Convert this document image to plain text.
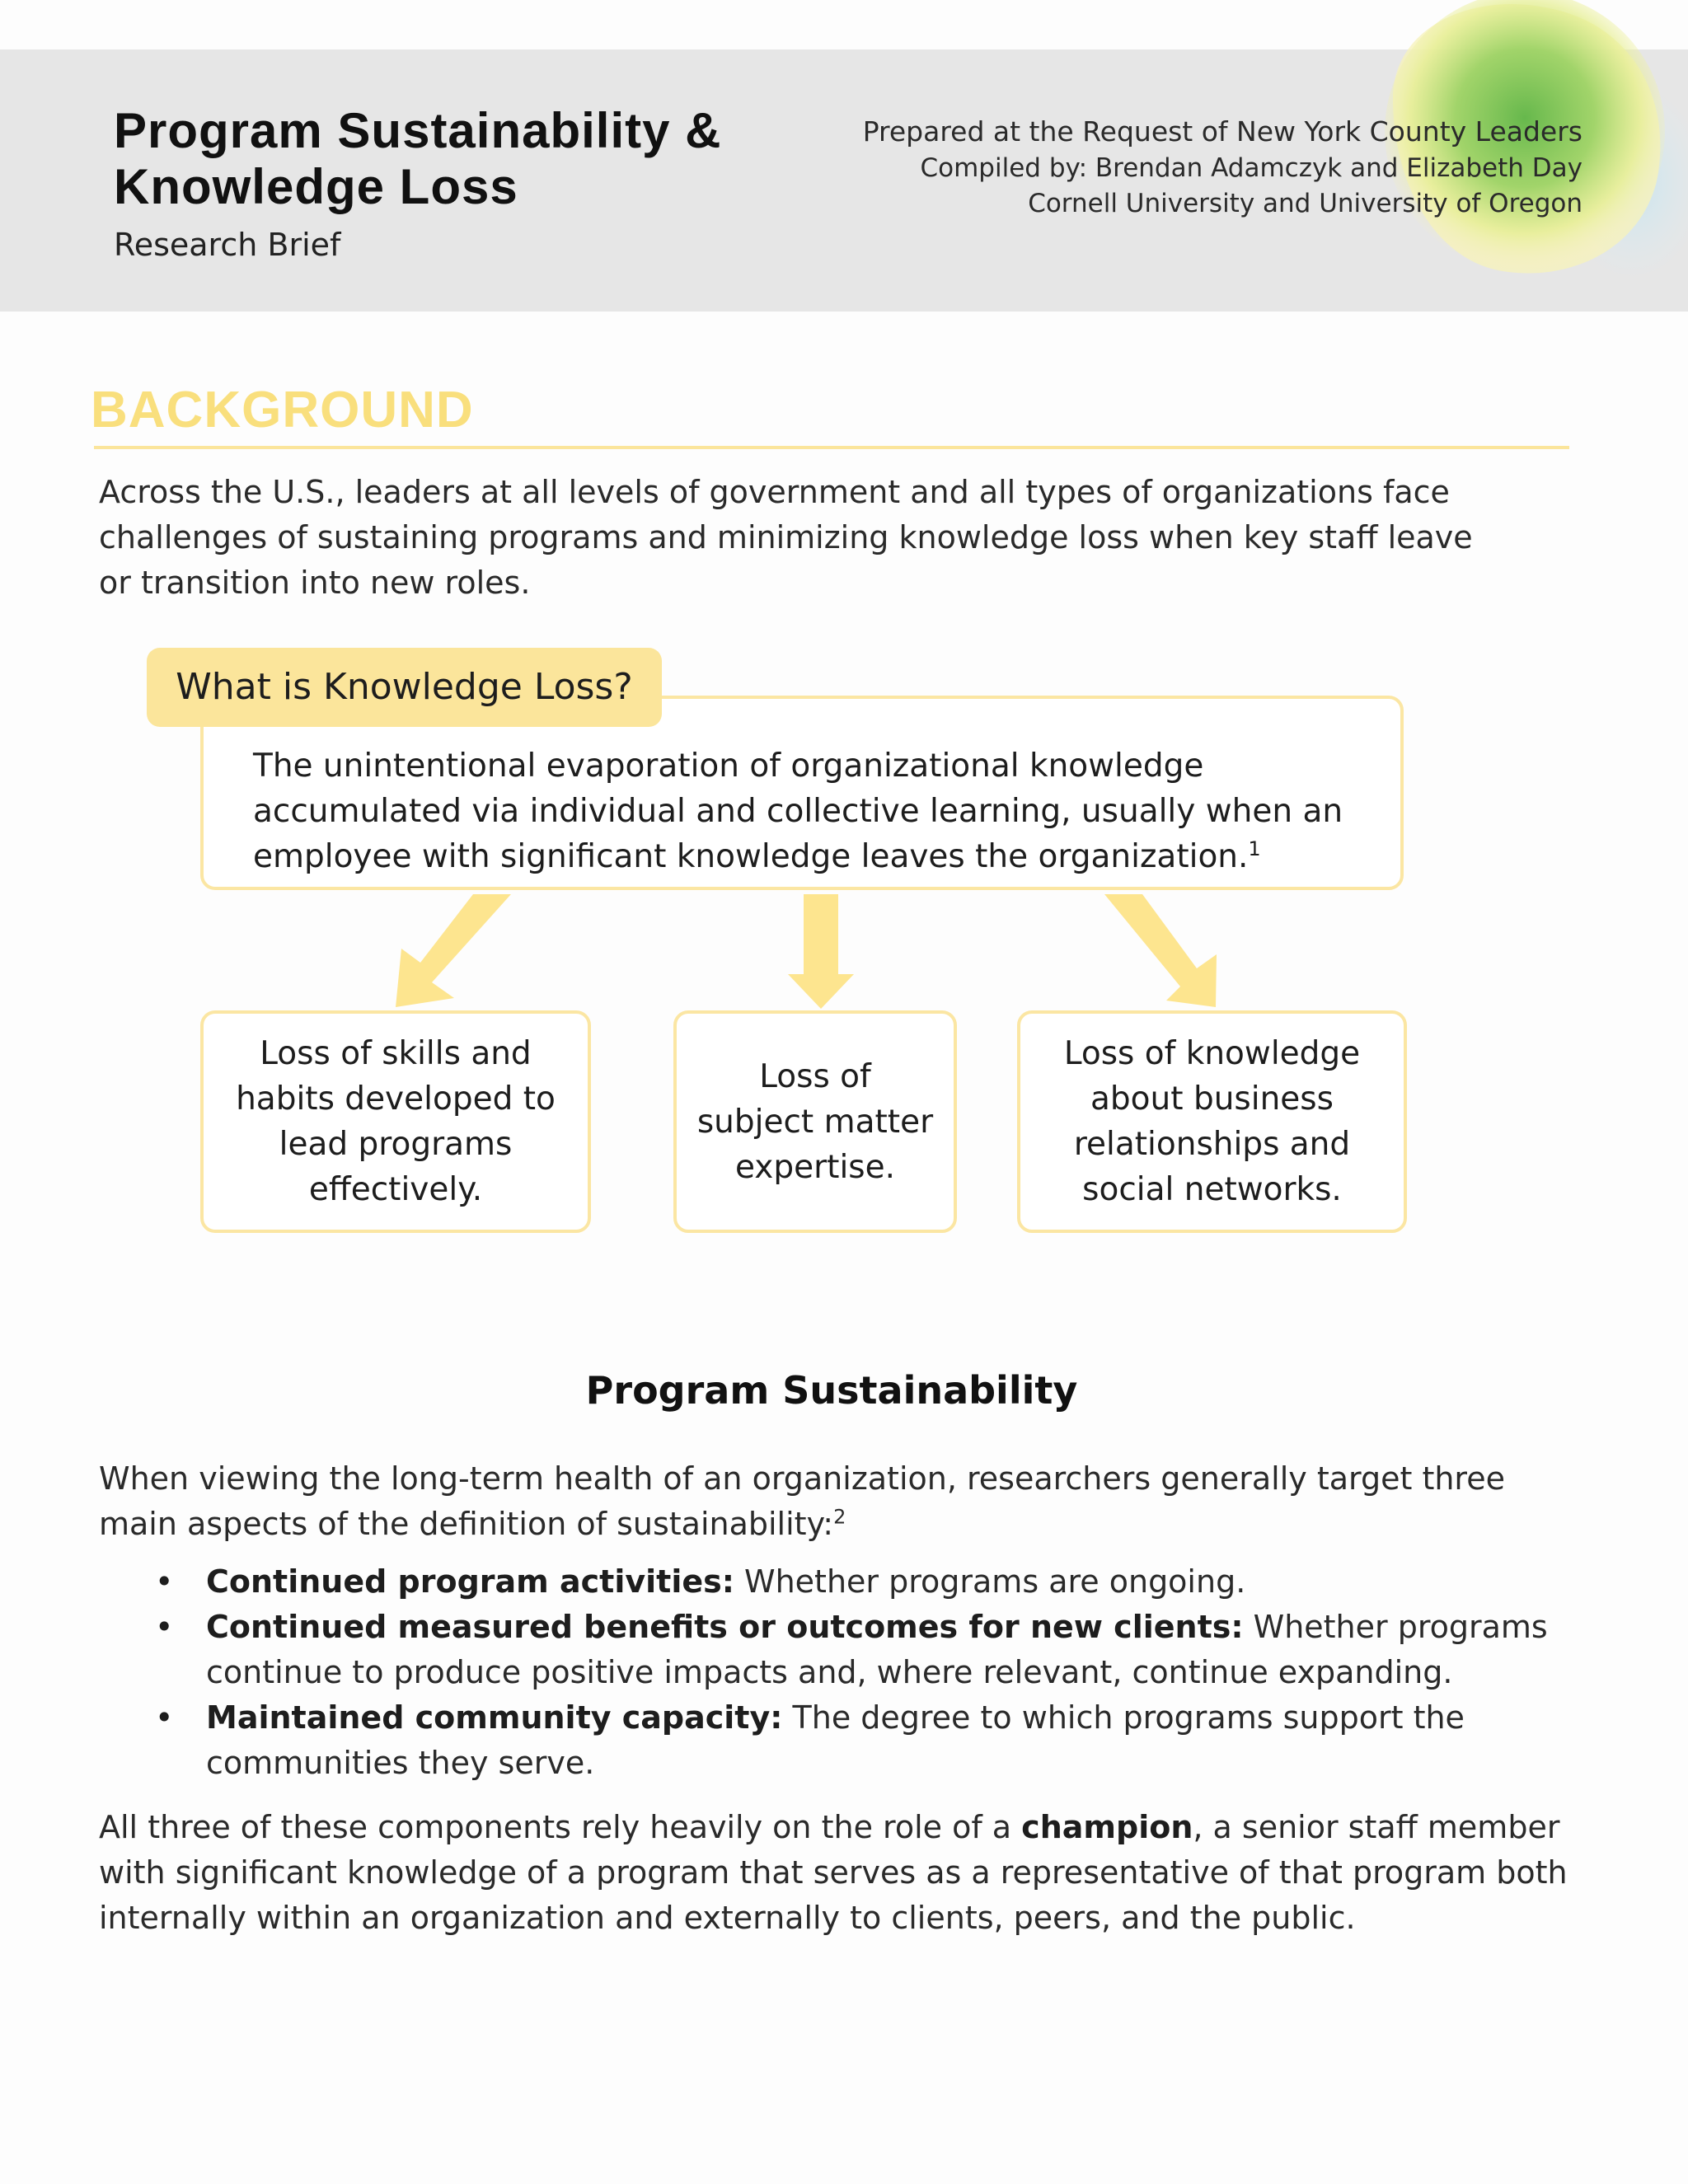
Program Sustainability &
Knowledge Loss
Research Brief
Prepared at the Request of New York County Leaders
Compiled by: Brendan Adamczyk and Elizabeth Day
Cornell University and University of Oregon
BACKGROUND

Across the U.S., leaders at all levels of government and all types of organizations face challenges of sustaining programs and minimizing knowledge loss when key staff leave or transition into new roles.

The unintentional evaporation of organizational knowledge accumulated via individual and collective learning, usually when an employee with significant knowledge leaves the organization.$^1$
What is Knowledge Loss?
Loss of skills and
habits developed to
lead programs
effectively.
Loss of
subject matter
expertise.
Loss of knowledge
about business
relationships and
social networks.
Program Sustainability

When viewing the long-term health of an organization, researchers generally target three main aspects of the definition of sustainability:$^2$

• Continued program activities: Whether programs are ongoing.
• Continued measured benefits or outcomes for new clients: Whether programs continue to produce positive impacts and, where relevant, continue expanding.
• Maintained community capacity: The degree to which programs support the communities they serve.

All three of these components rely heavily on the role of a champion, a senior staff member with significant knowledge of a program that serves as a representative of that program both internally within an organization and externally to clients, peers, and the public.
